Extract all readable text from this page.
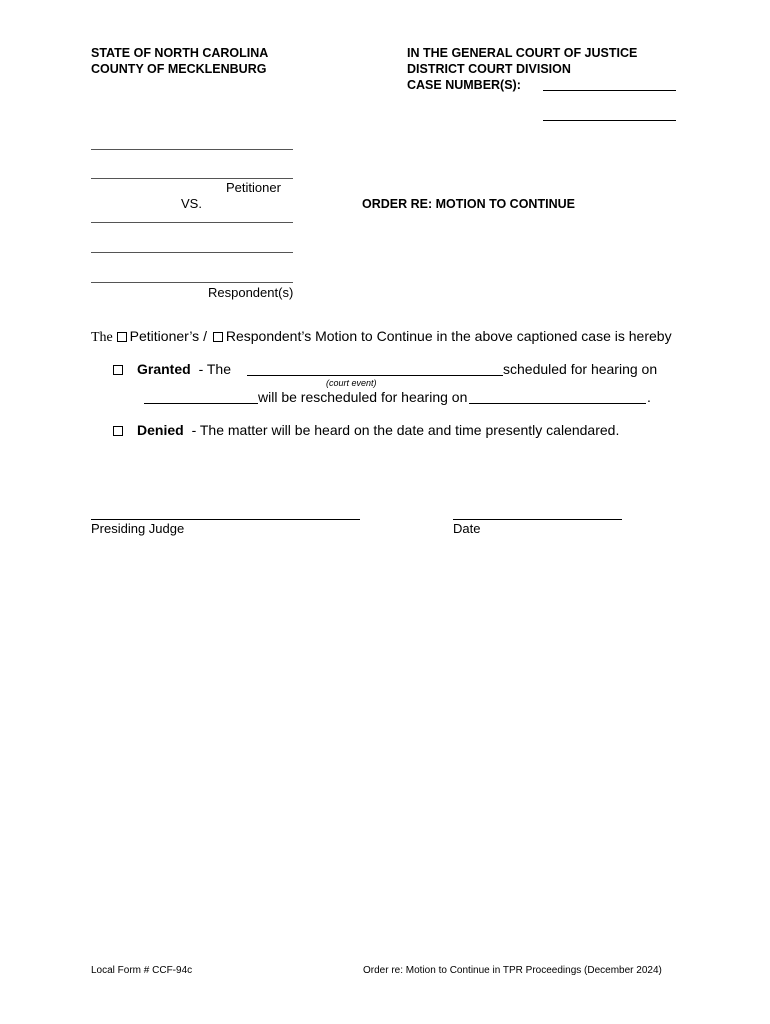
STATE OF NORTH CAROLINA
COUNTY OF MECKLENBURG
IN THE GENERAL COURT OF JUSTICE
DISTRICT COURT DIVISION
CASE NUMBER(S):
Petitioner
VS.	ORDER RE: MOTION TO CONTINUE
Respondent(s)
The Petitioner’s / Respondent’s Motion to Continue in the above captioned case is hereby
Granted - The	scheduled for hearing on
(court event)
will be rescheduled for hearing on	.
Denied - The matter will be heard on the date and time presently calendared.
Presiding Judge	Date
Local Form # CCF-94c	Order re: Motion to Continue in TPR Proceedings (December 2024)
